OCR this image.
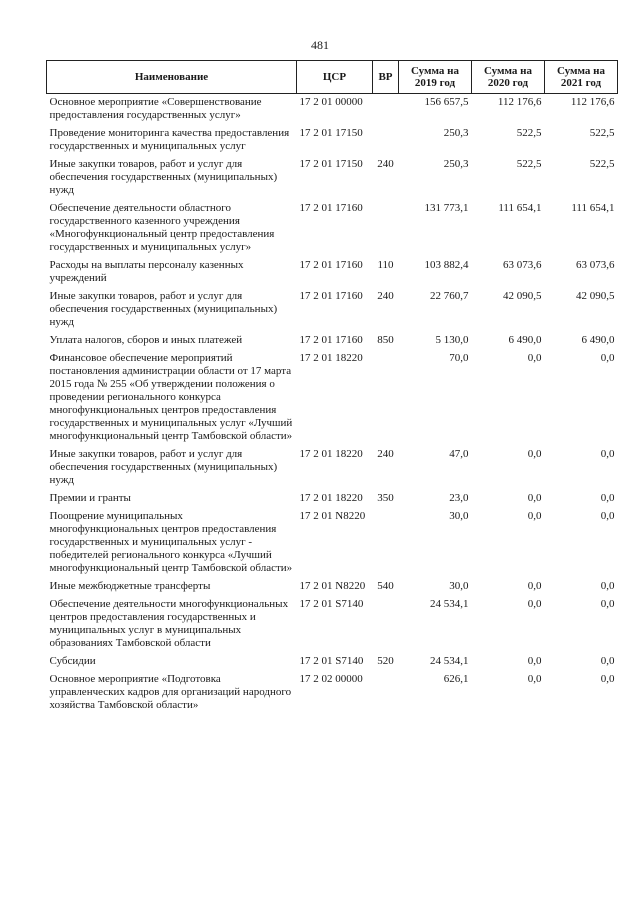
481
Наименование	ЦСР	ВР	Сумма на 2019 год	Сумма на 2020 год	Сумма на 2021 год
Основное мероприятие «Совершенствование предоставления государственных услуг»	17 2 01 00000		156 657,5	112 176,6	112 176,6
Проведение мониторинга качества предоставления государственных и муниципальных услуг	17 2 01 17150		250,3	522,5	522,5
Иные закупки товаров, работ и услуг для обеспечения государственных (муниципальных) нужд	17 2 01 17150	240	250,3	522,5	522,5
Обеспечение деятельности областного государственного казенного учреждения «Многофункциональный центр предоставления государственных и муниципальных услуг»	17 2 01 17160		131 773,1	111 654,1	111 654,1
Расходы на выплаты персоналу казенных учреждений	17 2 01 17160	110	103 882,4	63 073,6	63 073,6
Иные закупки товаров, работ и услуг для обеспечения государственных (муниципальных) нужд	17 2 01 17160	240	22 760,7	42 090,5	42 090,5
Уплата налогов, сборов и иных платежей	17 2 01 17160	850	5 130,0	6 490,0	6 490,0
Финансовое обеспечение мероприятий постановления администрации области от 17 марта 2015 года № 255 «Об утверждении положения о проведении регионального конкурса многофункциональных центров предоставления государственных и муниципальных услуг «Лучший многофункциональный центр Тамбовской области»	17 2 01 18220		70,0	0,0	0,0
Иные закупки товаров, работ и услуг для обеспечения государственных (муниципальных) нужд	17 2 01 18220	240	47,0	0,0	0,0
Премии и гранты	17 2 01 18220	350	23,0	0,0	0,0
Поощрение муниципальных многофункциональных центров предоставления государственных и муниципальных услуг - победителей регионального конкурса «Лучший многофункциональный центр Тамбовской области»	17 2 01 N8220		30,0	0,0	0,0
Иные межбюджетные трансферты	17 2 01 N8220	540	30,0	0,0	0,0
Обеспечение деятельности многофункциональных центров предоставления государственных и муниципальных услуг в муниципальных образованиях Тамбовской области	17 2 01 S7140		24 534,1	0,0	0,0
Субсидии	17 2 01 S7140	520	24 534,1	0,0	0,0
Основное мероприятие «Подготовка управленческих кадров для организаций народного хозяйства Тамбовской области»	17 2 02 00000		626,1	0,0	0,0
